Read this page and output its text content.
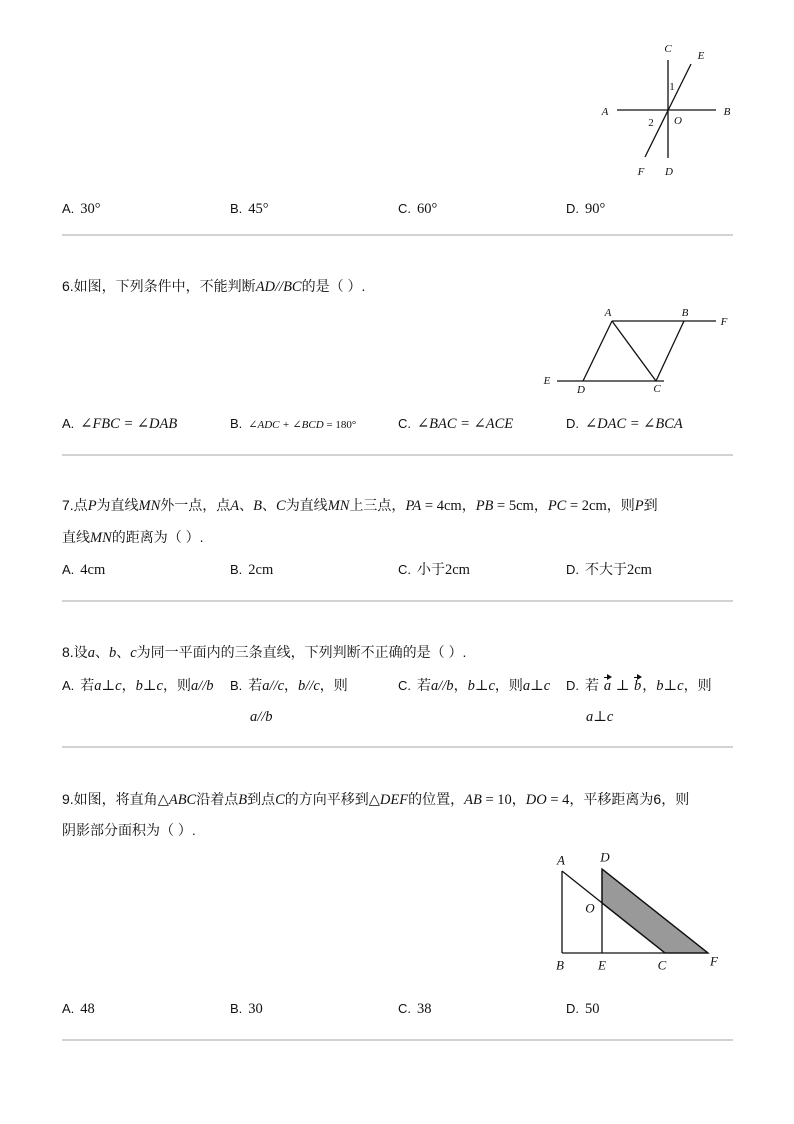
C
E
1
A	B
2 O
F D
A. 30°	B. 45°	C. 60°	D. 90°
6.如图，下列条件中，不能判断AD//BC的是（ ）.
A	B
F
E
D	C
A. ∠FBC = ∠DAB	B. ∠ADC + ∠BCD = 180°	C. ∠BAC = ∠ACE	D. ∠DAC = ∠BCA
7.点P为直线MN外一点，点A、B、C为直线MN上三点，PA = 4cm，PB = 5cm，PC = 2cm，则P到
直线MN的距离为（ ）.
A. 4cm	B. 2cm	C. 小于2cm	D. 不大于2cm
8.设a、b、c为同一平面内的三条直线，下列判断不正确的是（ ）.
A. 若a⊥c，b⊥c，则a//b B. 若a//c，b//c，则
a//b
C. 若a//b，b⊥c，则a⊥c D. 若 a ⊥ b，b⊥c，则
a⊥c
9.如图，将直角△ABC沿着点B到点C的方向平移到△DEF的位置，AB = 10，DO = 4，平移距离为6，则
阴影部分面积为（ ）.
A	D
O
B	E	C	F
A. 48	B. 30	C. 38	D. 50
